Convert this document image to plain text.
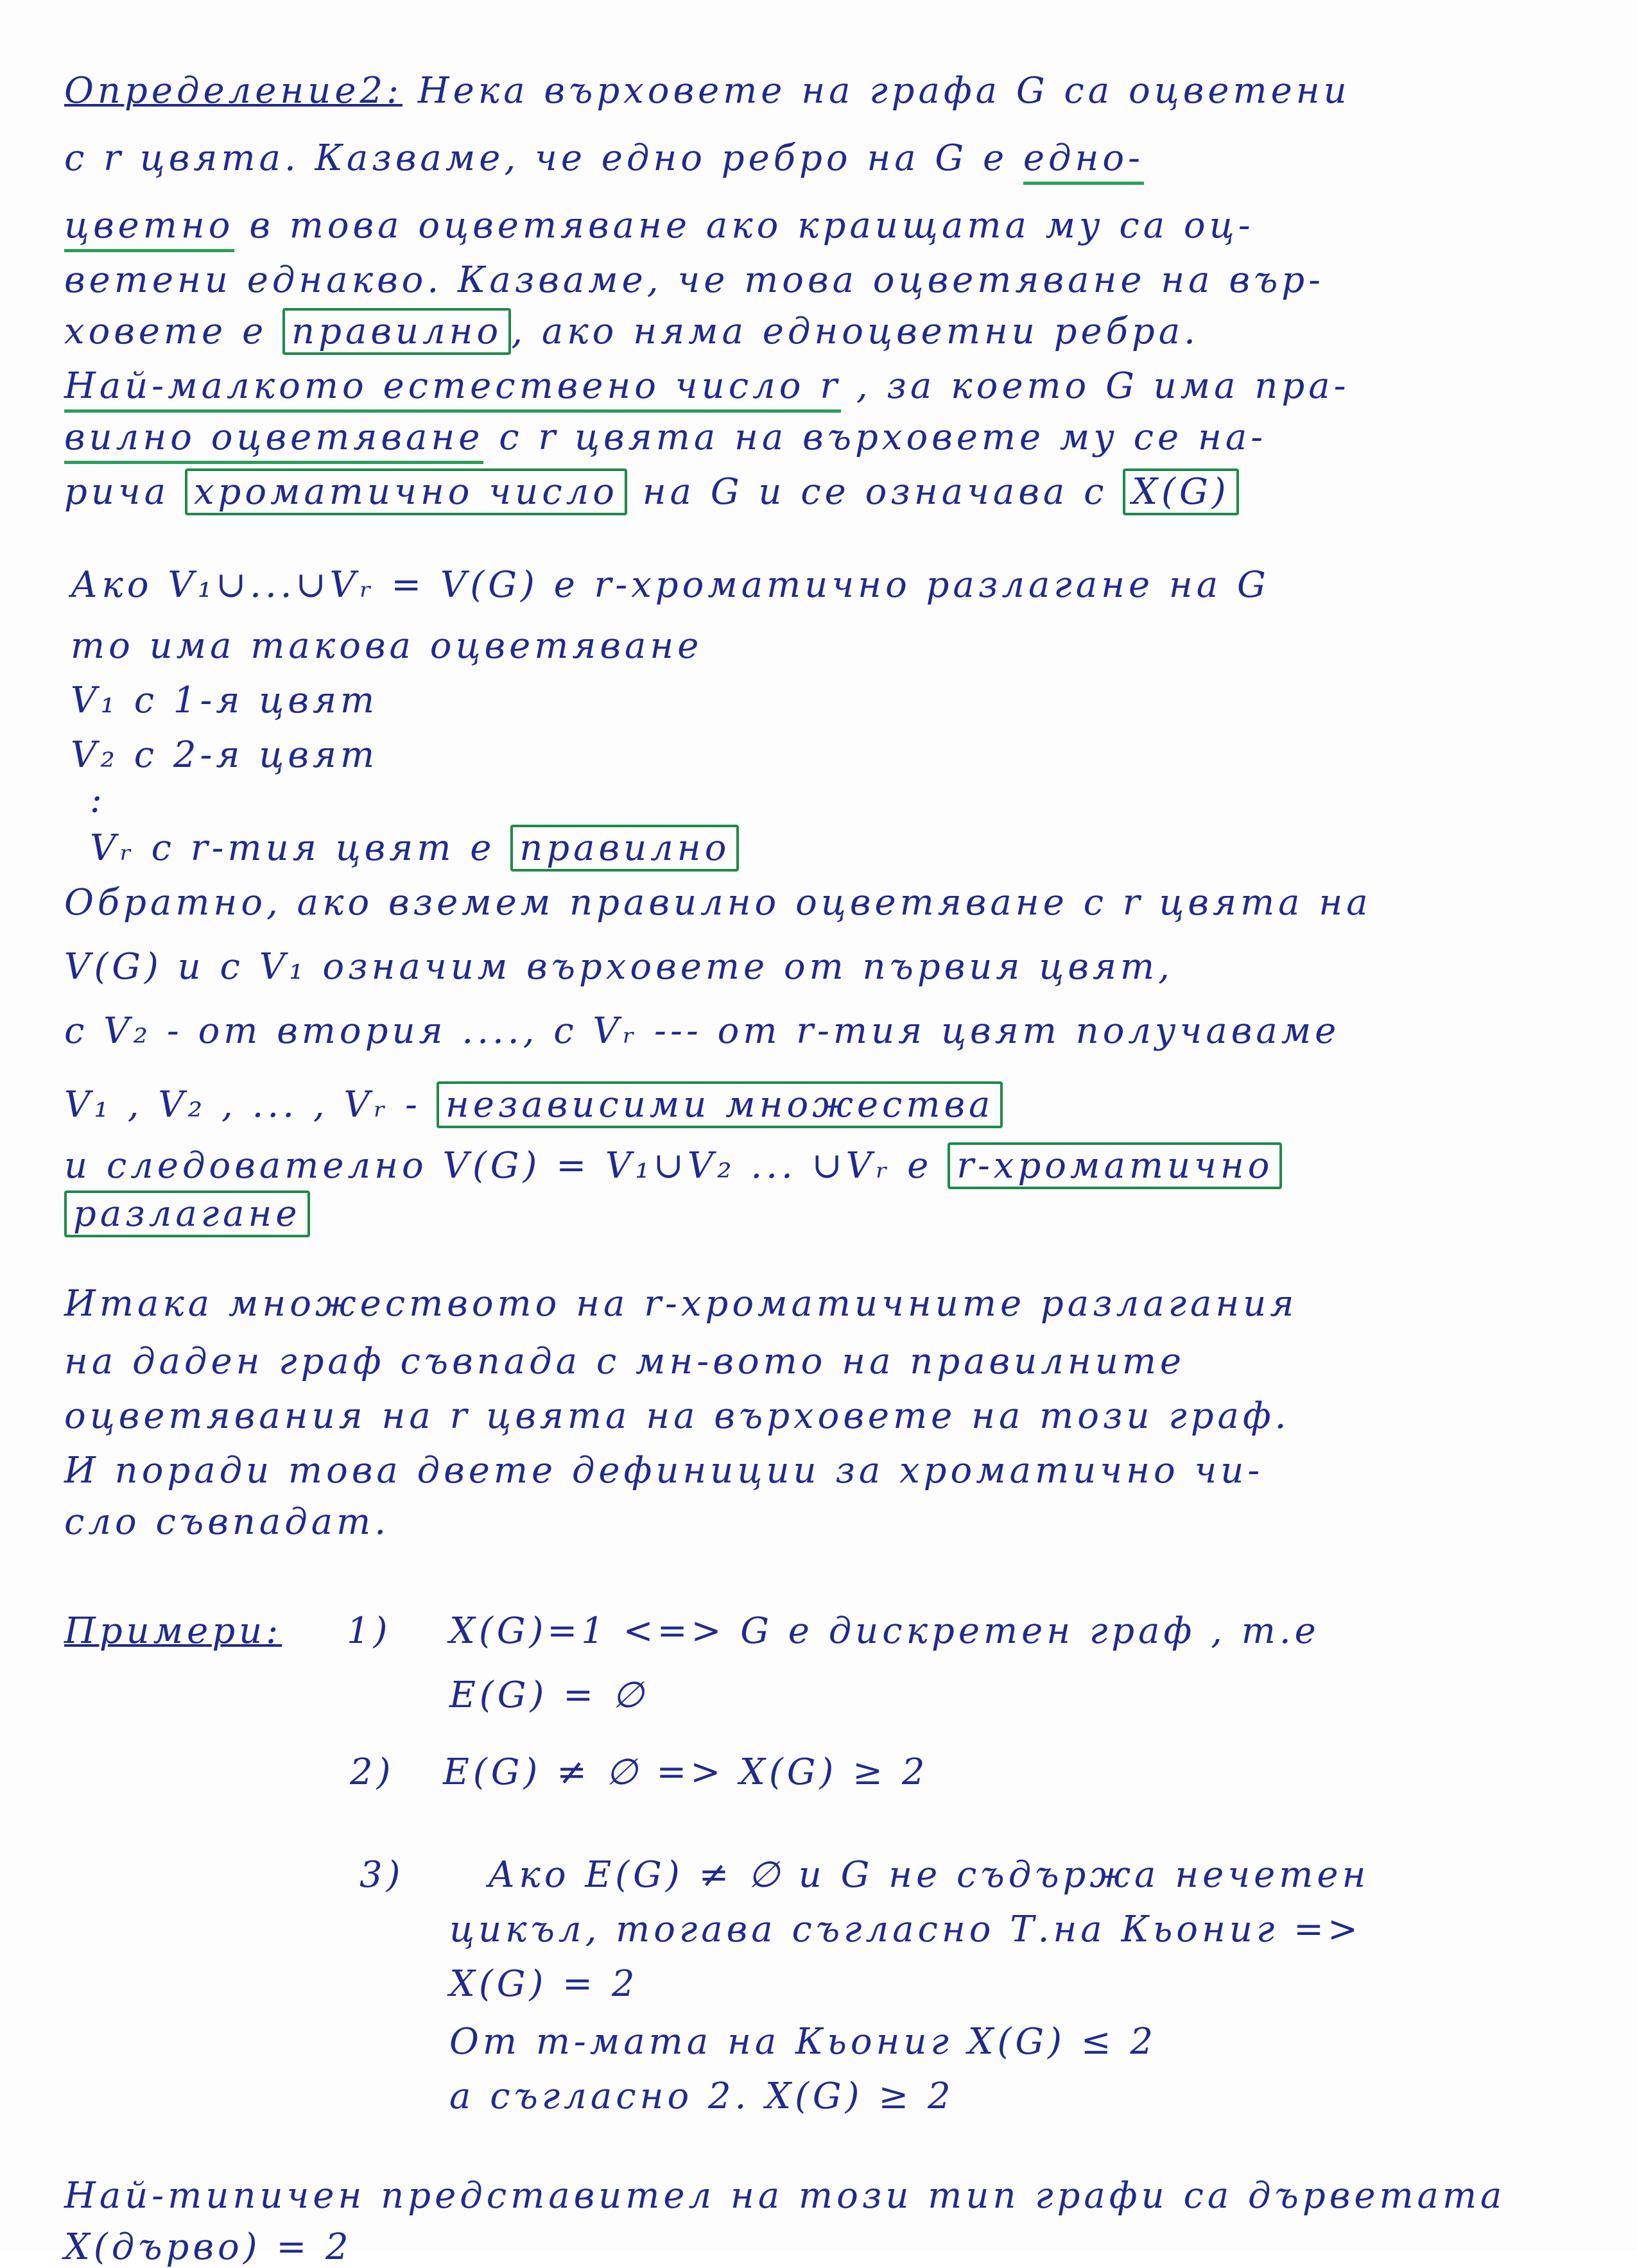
Определение2: Нека върховете на графа G са оцветени
с r цвята. Казваме, че едно ребро на G е едно-
цветно в това оцветяване ако краищата му са оц-
ветени еднакво. Казваме, че това оцветяване на вър-
ховете е правилно , ако няма едноцветни ребра.
Най-малкото естествено число r , за което G има пра-
вилно оцветяване с r цвята на върховете му се на-
рича хроматично число на G и се означава с X(G)
Ако V₁∪...∪Vᵣ = V(G) е r-хроматично разлагане на G
то има такова оцветяване
V₁ с 1-я цвят
V₂ с 2-я цвят
:
Vᵣ с r-тия цвят е правилно
Обратно, ако вземем правилно оцветяване с r цвята на
V(G) и с V₁ означим върховете от първия цвят,
с V₂ - от втория ...., с Vᵣ --- от r-тия цвят получаваме
V₁ , V₂ , ... , Vᵣ - независими множества
и следователно V(G) = V₁∪V₂ ... ∪Vᵣ е r-хроматично
разлагане
Итака множеството на r-хроматичните разлагания
на даден граф съвпада с мн-вото на правилните
оцветявания на r цвята на върховете на този граф.
И поради това двете дефиниции за хроматично чи-
сло съвпадат.
Примери: 1) X(G)=1 <=> G е дискретен граф , т.е
E(G) = ∅
2) E(G) ≠ ∅ => X(G) ≥ 2
3) Ако E(G) ≠ ∅ и G не съдържа нечетен
цикъл, тогава съгласно Т.на Кьониг =>
X(G) = 2
От т-мата на Кьониг X(G) ≤ 2
а съгласно 2. X(G) ≥ 2
Най-типичен представител на този тип графи са дърветата
X(дърво) = 2
